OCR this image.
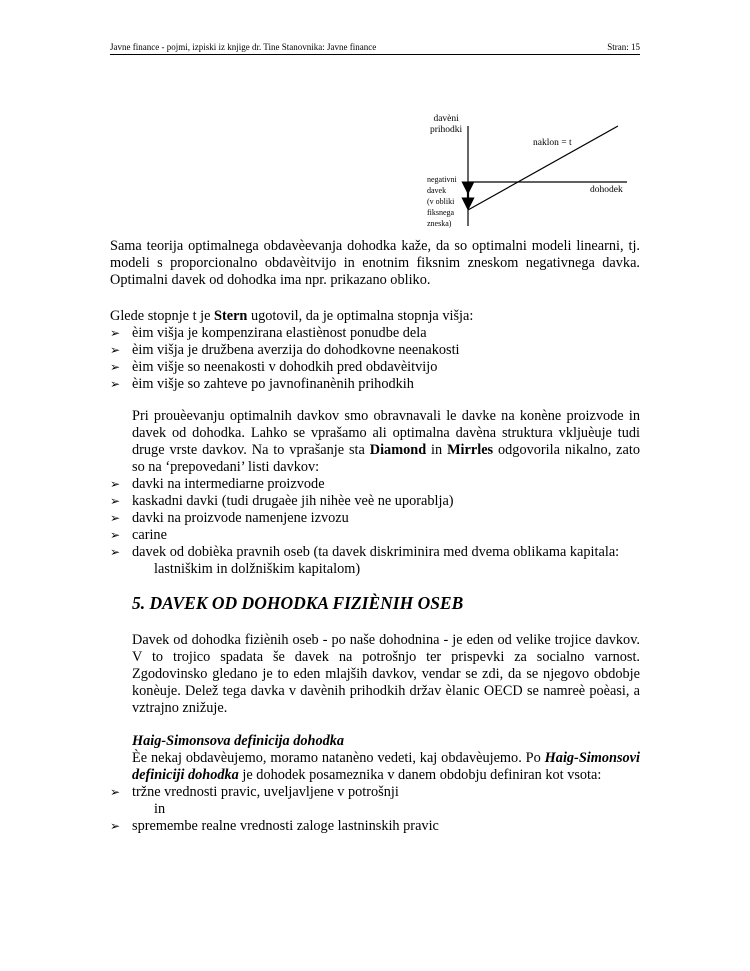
Javne finance - pojmi, izpiski iz knjige dr. Tine Stanovnika: Javne finance	Stran: 15
davèni
prihodki
naklon = t
dohodek
negativni
davek
(v obliki
fiksnega
zneska)

Sama teorija optimalnega obdavèevanja dohodka kaže, da so optimalni modeli linearni, tj. modeli s proporcionalno obdavèitvijo in enotnim fiksnim zneskom negativnega davka. Optimalni davek od dohodka ima npr. prikazano obliko.

Glede stopnje t je Stern ugotovil, da je optimalna stopnja višja:

➢ èim višja je kompenzirana elastiènost ponudbe dela
➢ èim višja je družbena averzija do dohodkovne neenakosti
➢ èim višje so neenakosti v dohodkih pred obdavèitvijo
➢ èim višje so zahteve po javnofinanènih prihodkih

Pri prouèevanju optimalnih davkov smo obravnavali le davke na konène proizvode in davek od dohodka. Lahko se vprašamo ali optimalna davèna struktura vkljuèuje tudi druge vrste davkov. Na to vprašanje sta Diamond in Mirrles odgovorila nikalno, zato so na ‘prepovedani’ listi davkov:

➢ davki na intermediarne proizvode
➢ kaskadni davki (tudi drugaèe jih nihèe veè ne uporablja)
➢ davki na proizvode namenjene izvozu
➢ carine
➢ davek od dobièka pravnih oseb (ta davek diskriminira med dvema oblikama kapitala:
lastniškim in dolžniškim kapitalom)
5. DAVEK OD DOHODKA FIZIÈNIH OSEB

Davek od dohodka fiziènih oseb - po naše dohodnina - je eden od velike trojice davkov. V to trojico spadata še davek na potrošnjo ter prispevki za socialno varnost. Zgodovinsko gledano je to eden mlajših davkov, vendar se zdi, da se njegovo obdobje konèuje. Delež tega davka v davènih prihodkih držav èlanic OECD se namreè poèasi, a vztrajno znižuje.

Haig-Simonsova definicija dohodka

Èe nekaj obdavèujemo, moramo natanèno vedeti, kaj obdavèujemo. Po Haig-Simonsovi definiciji dohodka je dohodek posameznika v danem obdobju definiran kot vsota:

➢ tržne vrednosti pravic, uveljavljene v potrošnji
in
➢ spremembe realne vrednosti zaloge lastninskih pravic
